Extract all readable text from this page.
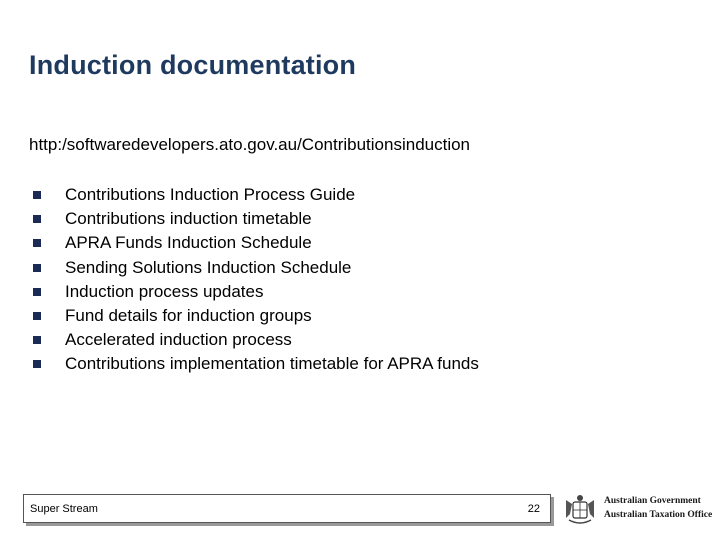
Induction documentation
http:/softwaredevelopers.ato.gov.au/Contributionsinduction
Contributions Induction Process Guide
Contributions induction timetable
APRA Funds Induction Schedule
Sending Solutions Induction Schedule
Induction process updates
Fund details for induction groups
Accelerated induction process
Contributions implementation timetable for APRA funds
Super Stream	22
Australian Government
Australian Taxation Office
